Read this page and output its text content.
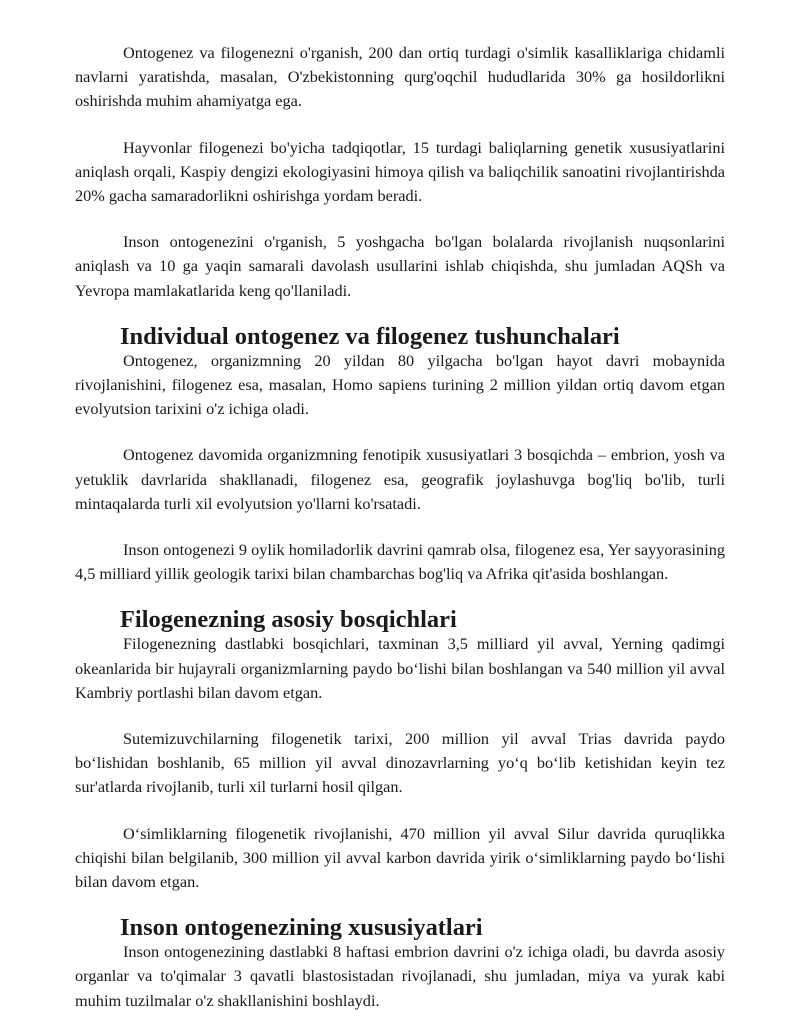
Ontogenez va filogenezni o'rganish, 200 dan ortiq turdagi o'simlik kasalliklariga chidamli navlarni yaratishda, masalan, O'zbekistonning qurg'oqchil hududlarida 30% ga hosildorlikni oshirishda muhim ahamiyatga ega.

Hayvonlar filogenezi bo'yicha tadqiqotlar, 15 turdagi baliqlarning genetik xususiyatlarini aniqlash orqali, Kaspiy dengizi ekologiyasini himoya qilish va baliqchilik sanoatini rivojlantirishda 20% gacha samaradorlikni oshirishga yordam beradi.

Inson ontogenezini o'rganish, 5 yoshgacha bo'lgan bolalarda rivojlanish nuqsonlarini aniqlash va 10 ga yaqin samarali davolash usullarini ishlab chiqishda, shu jumladan AQSh va Yevropa mamlakatlarida keng qo'llaniladi.

Individual ontogenez va filogenez tushunchalari

Ontogenez, organizmning 20 yildan 80 yilgacha bo'lgan hayot davri mobaynida rivojlanishini, filogenez esa, masalan, Homo sapiens turining 2 million yildan ortiq davom etgan evolyutsion tarixini o'z ichiga oladi.

Ontogenez davomida organizmning fenotipik xususiyatlari 3 bosqichda – embrion, yosh va yetuklik davrlarida shakllanadi, filogenez esa, geografik joylashuvga bog'liq bo'lib, turli mintaqalarda turli xil evolyutsion yo'llarni ko'rsatadi.

Inson ontogenezi 9 oylik homiladorlik davrini qamrab olsa, filogenez esa, Yer sayyorasining 4,5 milliard yillik geologik tarixi bilan chambarchas bog'liq va Afrika qit'asida boshlangan.

Filogenezning asosiy bosqichlari

Filogenezning dastlabki bosqichlari, taxminan 3,5 milliard yil avval, Yerning qadimgi okeanlarida bir hujayrali organizmlarning paydo bo‘lishi bilan boshlangan va 540 million yil avval Kambriy portlashi bilan davom etgan.

Sutemizuvchilarning filogenetik tarixi, 200 million yil avval Trias davrida paydo bo‘lishidan boshlanib, 65 million yil avval dinozavrlarning yo‘q bo‘lib ketishidan keyin tez sur'atlarda rivojlanib, turli xil turlarni hosil qilgan.

O‘simliklarning filogenetik rivojlanishi, 470 million yil avval Silur davrida quruqlikka chiqishi bilan belgilanib, 300 million yil avval karbon davrida yirik o‘simliklarning paydo bo‘lishi bilan davom etgan.

Inson ontogenezining xususiyatlari

Inson ontogenezining dastlabki 8 haftasi embrion davrini o'z ichiga oladi, bu davrda asosiy organlar va to'qimalar 3 qavatli blastosistadan rivojlanadi, shu jumladan, miya va yurak kabi muhim tuzilmalar o'z shakllanishini boshlaydi.
